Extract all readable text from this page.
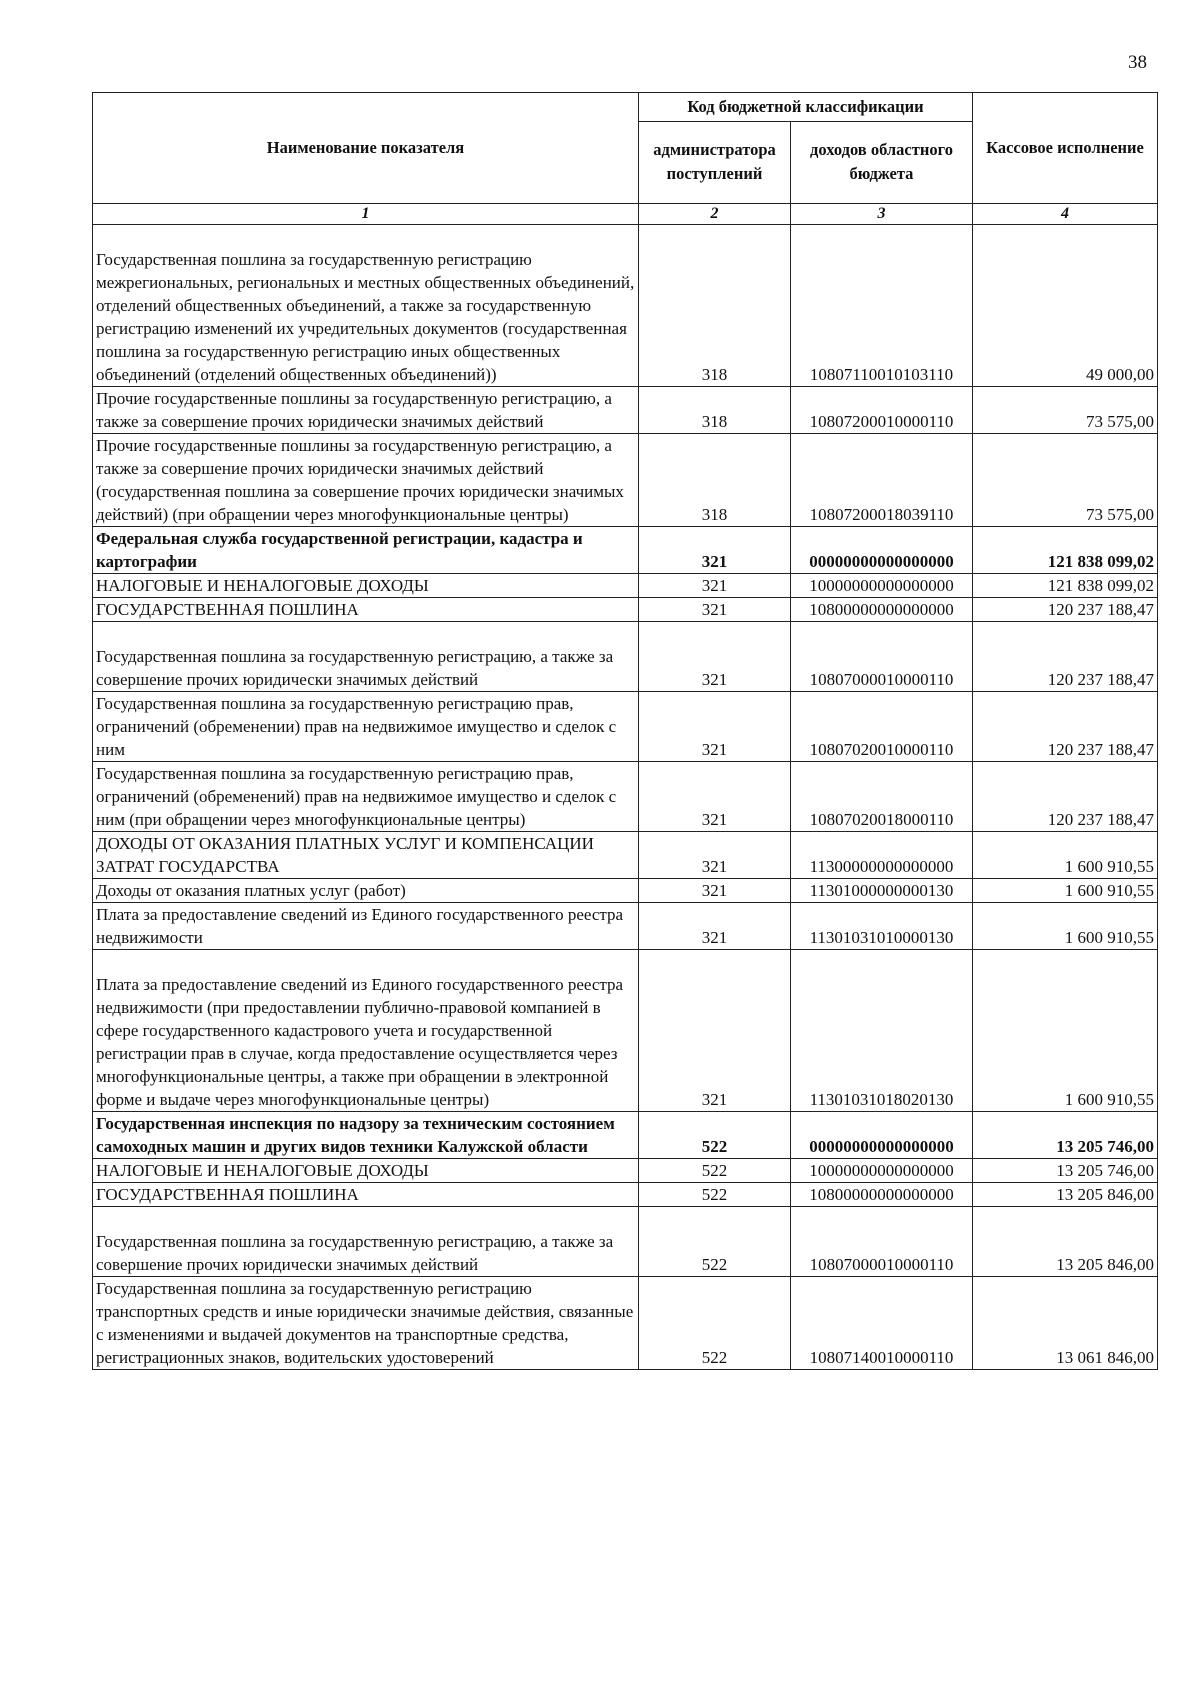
38
Наименование показателя	Код бюджетной классификации		Кассовое исполнение
	администратора поступлений	доходов областного бюджета	
1	2	3	4

Государственная пошлина за государственную регистрацию межрегиональных, региональных и местных общественных объединений, отделений общественных объединений, а также за государственную регистрацию изменений их учредительных документов (государственная пошлина за государственную регистрацию иных общественных объединений (отделений общественных объединений))	318	10807110010103110	49 000,00
Прочие государственные пошлины за государственную регистрацию, а также за совершение прочих юридически значимых действий	318	10807200010000110	73 575,00
Прочие государственные пошлины за государственную регистрацию, а также за совершение прочих юридически значимых действий (государственная пошлина за совершение прочих юридически значимых действий) (при обращении через многофункциональные центры)	318	10807200018039110	73 575,00
Федеральная служба государственной регистрации, кадастра и картографии	321	00000000000000000	121 838 099,02
НАЛОГОВЫЕ И НЕНАЛОГОВЫЕ ДОХОДЫ	321	10000000000000000	121 838 099,02
ГОСУДАРСТВЕННАЯ ПОШЛИНА	321	10800000000000000	120 237 188,47

Государственная пошлина за государственную регистрацию, а также за совершение прочих юридически значимых действий	321	10807000010000110	120 237 188,47
Государственная пошлина за государственную регистрацию прав, ограничений (обременении) прав на недвижимое имущество и сделок с ним	321	10807020010000110	120 237 188,47
Государственная пошлина за государственную регистрацию прав, ограничений (обременений) прав на недвижимое имущество и сделок с ним (при обращении через многофункциональные центры)	321	10807020018000110	120 237 188,47
ДОХОДЫ ОТ ОКАЗАНИЯ ПЛАТНЫХ УСЛУГ И КОМПЕНСАЦИИ ЗАТРАТ ГОСУДАРСТВА	321	11300000000000000	1 600 910,55
Доходы от оказания платных услуг (работ)	321	11301000000000130	1 600 910,55
Плата за предоставление сведений из Единого государственного реестра недвижимости	321	11301031010000130	1 600 910,55

Плата за предоставление сведений из Единого государственного реестра недвижимости (при предоставлении публично-правовой компанией в сфере государственного кадастрового учета и государственной регистрации прав в случае, когда предоставление осуществляется через многофункциональные центры, а также при обращении в электронной форме и выдаче через многофункциональные центры)	321	11301031018020130	1 600 910,55
Государственная инспекция по надзору за техническим состоянием самоходных машин и других видов техники Калужской области	522	00000000000000000	13 205 746,00
НАЛОГОВЫЕ И НЕНАЛОГОВЫЕ ДОХОДЫ	522	10000000000000000	13 205 746,00
ГОСУДАРСТВЕННАЯ ПОШЛИНА	522	10800000000000000	13 205 846,00

Государственная пошлина за государственную регистрацию, а также за совершение прочих юридически значимых действий	522	10807000010000110	13 205 846,00
Государственная пошлина за государственную регистрацию транспортных средств и иные юридически значимые действия, связанные с изменениями и выдачей документов на транспортные средства, регистрационных знаков, водительских удостоверений	522	10807140010000110	13 061 846,00
